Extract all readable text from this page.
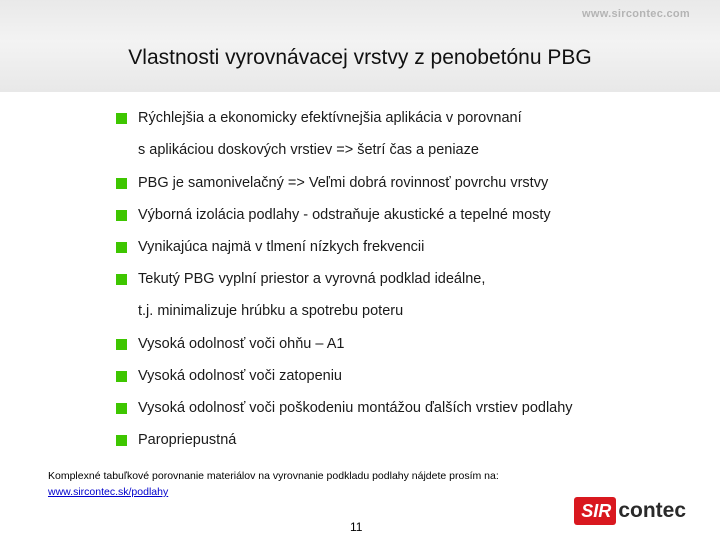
www.sircontec.com
Vlastnosti vyrovnávacej vrstvy z penobetónu PBG
Rýchlejšia a ekonomicky efektívnejšia aplikácia v porovnaní
s aplikáciou doskových vrstiev => šetrí čas a peniaze
PBG je samonivelačný => Veľmi dobrá rovinnosť povrchu vrstvy
Výborná izolácia podlahy - odstraňuje akustické a tepelné mosty
Vynikajúca najmä v tlmení nízkych frekvencii
Tekutý PBG vyplní priestor a vyrovná podklad ideálne,
t.j. minimalizuje hrúbku a spotrebu poteru
Vysoká odolnosť voči ohňu – A1
Vysoká odolnosť voči zatopeniu
Vysoká odolnosť voči poškodeniu montážou ďalších vrstiev podlahy
Paropriepustná
Komplexné tabuľkové porovnanie materiálov na vyrovnanie podkladu podlahy nájdete prosím na:
www.sircontec.sk/podlahy
11
SIR contec
